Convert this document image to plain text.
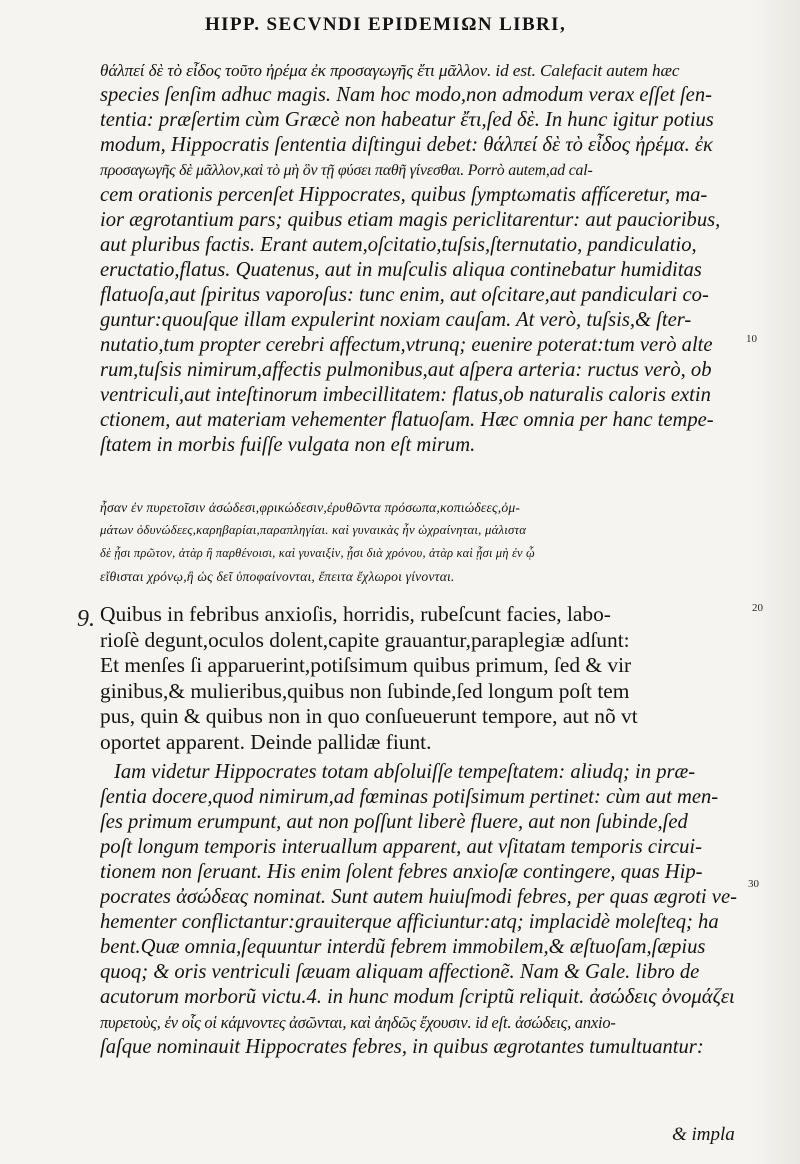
HIPP. SECVNDI EPIDEMIΩN LIBRI,
θάλπεί δὲ τὸ εἶδος τοῦτο ἠρέμα ἐκ προσαγωγῆς ἔτι μᾶλλον. id est. Calefacit autem hæc
species ſenſim adhuc magis. Nam hoc modo,non admodum verax eſſet ſen-
tentia: præſertim cùm Græcè non habeatur ἔτι,ſed δὲ. In hunc igitur potius
modum, Hippocratis ſententia diſtingui debet: θάλπεί δὲ τὸ εἶδος ἠρέμα. ἐκ
προσαγωγῆς δὲ μᾶλλον,καὶ τὸ μὴ ὃν τῇ φύσει παθῆ γίνεσθαι. Porrò autem,ad cal-
cem orationis percenſet Hippocrates, quibus ſymptωmatis affíceretur, ma-
ior ægrotantium pars; quibus etiam magis periclitarentur: aut paucioribus,
aut pluribus factis. Erant autem,oſcitatio,tuſsis,ſternutatio, pandiculatio,
eructatio,flatus. Quatenus, aut in muſculis aliqua continebatur humiditas
flatuoſa,aut ſpiritus vaporoſus: tunc enim, aut oſcitare,aut pandiculari co-
guntur:quouſque illam expulerint noxiam cauſam. At verò, tuſsis,& ſter-
nutatio,tum propter cerebri affectum,vtrunq; euenire poterat:tum verò alte
rum,tuſsis nimirum,affectis pulmonibus,aut aſpera arteria: ructus verò, ob
ventriculi,aut inteſtinorum imbecillitatem: flatus,ob naturalis caloris extin
ctionem, aut materiam vehementer flatuoſam. Hæc omnia per hanc tempe-
ſtatem in morbis fuiſſe vulgata non eſt mirum.
ἦσαν ἐν πυρετοῖσιν ἀσώδεσι,φρικώδεσιν,ἐρυθῶντα πρόσωπα,κοπιώδεες,ὀμ-
μάτων ὀδυνώδεες,καρηβαρίαι,παραπληγίαι. καὶ γυναικὰς ἦν ὠχραίνηται, μάλιστα
δὲ ᾗσι πρῶτον, ἀτὰρ ἢ παρθένοισι, καὶ γυναιξὶν, ᾗσι διὰ χρόνου, ἀτὰρ καὶ ᾗσι μὴ ἐν ᾧ
εἴθισται χρόνῳ,ἢ ὡς δεῖ ὑποφαίνονται, ἔπειτα ἔχλωροι γίνονται.
9. Quibus in febribus anxioſis, horridis, rubeſcunt facies, labo-
rioſè degunt,oculos dolent,capite grauantur,paraplegiæ adſunt:
Et menſes ſi apparuerint,potiſsimum quibus primum, ſed & vir
ginibus,& mulieribus,quibus non ſubinde,ſed longum poſt tem
pus, quin & quibus non in quo conſueuerunt tempore, aut nõ vt
oportet apparent. Deinde pallidæ fiunt.
Iam videtur Hippocrates totam abſoluiſſe tempeſtatem: aliudq; in præ-
ſentia docere,quod nimirum,ad fœminas potiſsimum pertinet: cùm aut men-
ſes primum erumpunt, aut non poſſunt liberè fluere, aut non ſubinde,ſed
poſt longum temporis interuallum apparent, aut vſitatam temporis circui-
tionem non ſeruant. His enim ſolent febres anxioſæ contingere, quas Hip-
pocrates ἀσώδεας nominat. Sunt autem huiuſmodi febres, per quas ægroti ve-
hementer conflictantur:grauiterque afficiuntur:atq; implacidè moleſteq; ha
bent.Quæ omnia,ſequuntur interdũ febrem immobilem,& æſtuoſam,ſæpius
quoq; & oris ventriculi ſæuam aliquam affectionẽ. Nam & Gale. libro de
acutorum morborũ victu.4. in hunc modum ſcriptũ reliquit. ἀσώδεις ὀνομάζει
πυρετοὺς, ἐν οἷς οἱ κάμνοντες ἀσῶνται, καὶ ἀηδῶς ἔχουσιν. id eſt. ἀσώδεις, anxio-
ſaſque nominauit Hippocrates febres, in quibus ægrotantes tumultuantur:
& impla
10
20
30
